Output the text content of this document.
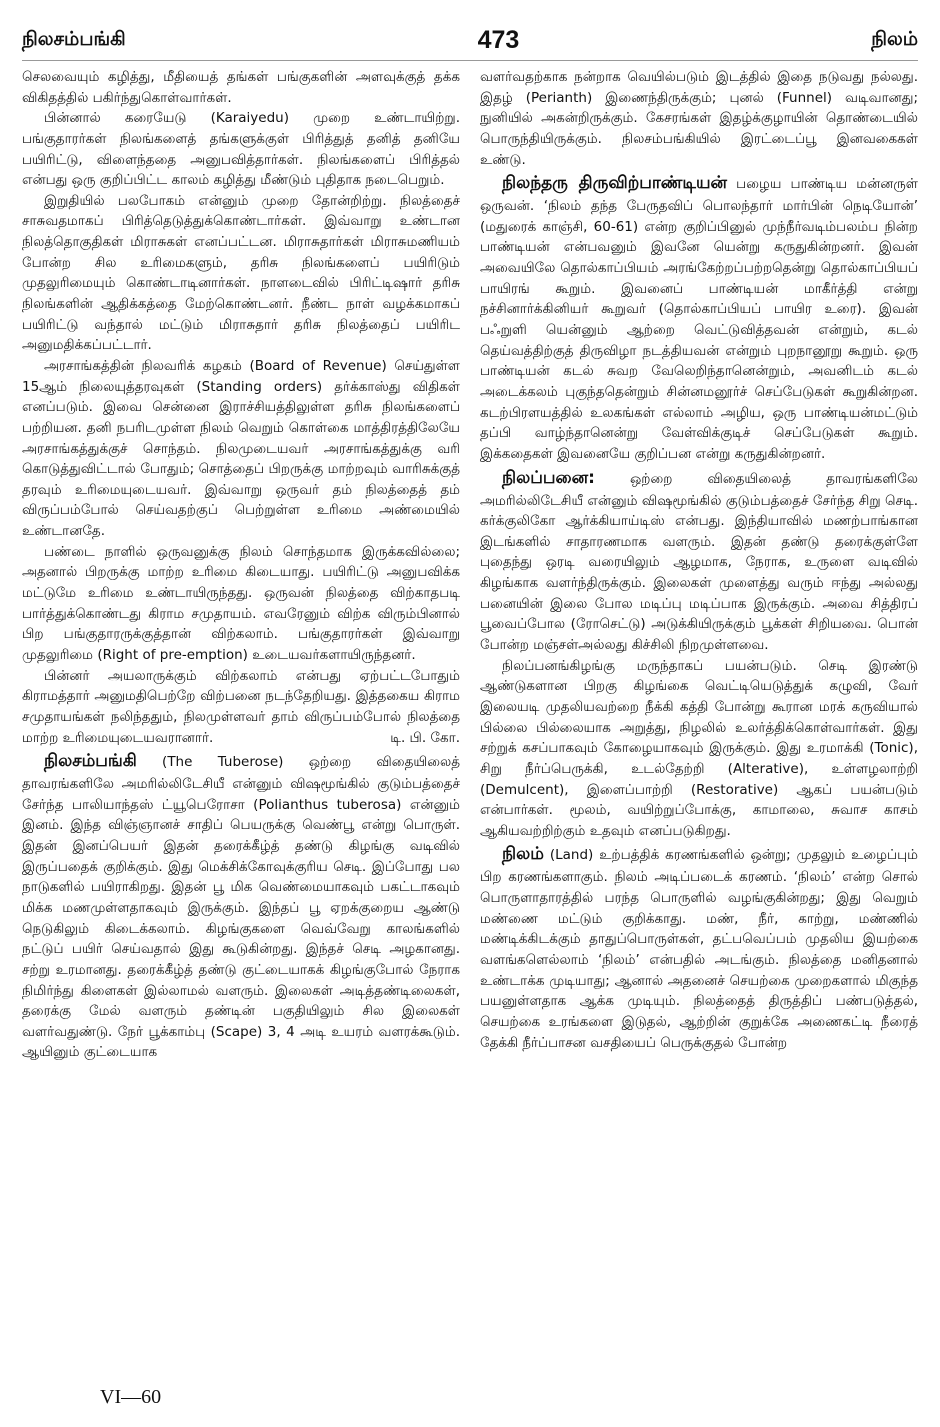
நிலசம்பங்கி	473	நிலம்

செலவையும் கழித்து, மீதியைத் தங்கள் பங்குகளின் அளவுக்குத் தக்க விகிதத்தில் பகிர்ந்துகொள்வார்கள்.

பின்னால் கரையேடு (Karaiyedu) முறை உண்டாயிற்று. பங்குதாரர்கள் நிலங்களைத் தங்களுக்குள் பிரித்துத் தனித் தனியே பயிரிட்டு, விளைந்ததை அனுபவித்தார்கள். நிலங்களைப் பிரித்தல் என்பது ஒரு குறிப்பிட்ட காலம் கழித்து மீண்டும் புதிதாக நடைபெறும்.

இறுதியில் பலபோகம் என்னும் முறை தோன்றிற்று. நிலத்தைச் சாசுவதமாகப் பிரித்தெடுத்துக்கொண்டார்கள். இவ்வாறு உண்டான நிலத்தொகுதிகள் மிராசுகள் எனப்பட்டன. மிராசுதார்கள் மிராசுமணியம் போன்ற சில உரிமைகளும், தரிசு நிலங்களைப் பயிரிடும் முதலுரிமையும் கொண்டாடினார்கள். நாளடைவில் பிரிட்டிஷார் தரிசு நிலங்களின் ஆதிக்கத்தை மேற்கொண்டனர். நீண்ட நாள் வழக்கமாகப் பயிரிட்டு வந்தால் மட்டும் மிராசுதார் தரிசு நிலத்தைப் பயிரிட அனுமதிக்கப்பட்டார்.

அரசாங்கத்தின் நிலவரிக் கழகம் (Board of Revenue) செய்துள்ள 15ஆம் நிலையுத்தரவுகள் (Standing orders) தர்க்காஸ்து விதிகள் எனப்படும். இவை சென்னை இராச்சியத்திலுள்ள தரிசு நிலங்களைப் பற்றியன. தனி நபரிடமுள்ள நிலம் வெறும் கொள்கை மாத்திரத்திலேயே அரசாங்கத்துக்குச் சொந்தம். நிலமுடையவர் அரசாங்கத்துக்கு வரி கொடுத்துவிட்டால் போதும்; சொத்தைப் பிறருக்கு மாற்றவும் வாரிசுக்குத் தரவும் உரிமையுடையவர். இவ்வாறு ஒருவர் தம் நிலத்தைத் தம் விருப்பம்போல் செய்வதற்குப் பெற்றுள்ள உரிமை அண்மையில் உண்டானதே.

பண்டை நாளில் ஒருவனுக்கு நிலம் சொந்தமாக இருக்கவில்லை; அதனால் பிறருக்கு மாற்ற உரிமை கிடையாது. பயிரிட்டு அனுபவிக்க மட்டுமே உரிமை உண்டாயிருந்தது. ஒருவன் நிலத்தை விற்காதபடி பார்த்துக்கொண்டது கிராம சமுதாயம். எவரேனும் விற்க விரும்பினால் பிற பங்குதாரருக்குத்தான் விற்கலாம். பங்குதாரர்கள் இவ்வாறு முதலுரிமை (Right of pre-emption) உடையவர்களாயிருந்தனர்.

பின்னர் அயலாருக்கும் விற்கலாம் என்பது ஏற்பட்டபோதும் கிராமத்தார் அனுமதிபெற்றே விற்பனை நடந்தேறியது. இத்தகைய கிராம சமுதாயங்கள் நலிந்ததும், நிலமுள்ளவர் தாம் விருப்பம்போல் நிலத்தை மாற்ற உரிமையுடையவரானார்.	டி. பி. கோ.

நிலசம்பங்கி (The Tuberose) ஒற்றை விதையிலைத் தாவரங்களிலே அமரில்லிடேசியீ என்னும் விஷமூங்கில் குடும்பத்தைச் சேர்ந்த பாலியாந்தஸ் ட்யூபெரோசா (Polianthus tuberosa) என்னும் இனம். இந்த விஞ்ஞானச் சாதிப் பெயருக்கு வெண்பூ என்று பொருள். இதன் இனப்பெயர் இதன் தரைக்கீழ்த் தண்டு கிழங்கு வடிவில் இருப்பதைக் குறிக்கும். இது மெக்சிக்கோவுக்குரிய செடி. இப்போது பல நாடுகளில் பயிராகிறது. இதன் பூ மிக வெண்மையாகவும் பகட்டாகவும் மிக்க மணமுள்ளதாகவும் இருக்கும். இந்தப் பூ ஏறக்குறைய ஆண்டு நெடுகிலும் கிடைக்கலாம். கிழங்குகளை வெவ்வேறு காலங்களில் நட்டுப் பயிர் செய்வதால் இது கூடுகின்றது. இந்தச் செடி அழகானது. சற்று உரமானது. தரைக்கீழ்த் தண்டு குட்டையாகக் கிழங்குபோல் நேராக நிமிர்ந்து கிளைகள் இல்லாமல் வளரும். இலைகள் அடித்தண்டிலைகள், தரைக்கு மேல் வளரும் தண்டின் பகுதியிலும் சில இலைகள் வளர்வதுண்டு. நேர் பூக்காம்பு (Scape) 3, 4 அடி உயரம் வளரக்கூடும். ஆயினும் குட்டையாக

வளர்வதற்காக நன்றாக வெயில்படும் இடத்தில் இதை நடுவது நல்லது. இதழ் (Perianth) இணைந்திருக்கும்; புனல் (Funnel) வடிவானது; நுனியில் அகன்றிருக்கும். கேசரங்கள் இதழ்க்குழாயின் தொண்டையில் பொருந்தியிருக்கும். நிலசம்பங்கியில் இரட்டைப்பூ இனவகைகள் உண்டு.

நிலந்தரு திருவிற்பாண்டியன் பழைய பாண்டிய மன்னருள் ஒருவன். ‘நிலம் தந்த பேருதவிப் பொலந்தார் மார்பின் நெடியோன்’ (மதுரைக் காஞ்சி, 60-61) என்ற குறிப்பினுல் முந்நீர்வடிம்பலம்ப நின்ற பாண்டியன் என்பவனும் இவனே யென்று கருதுகின்றனர். இவன் அவையிலே தொல்காப்பியம் அரங்கேற்றப்பற்றதென்று தொல்காப்பியப் பாயிரங் கூறும். இவனைப் பாண்டியன் மாகீர்த்தி என்று நச்சினார்க்கினியர் கூறுவர் (தொல்காப்பியப் பாயிர உரை). இவன் பஃறுளி யென்னும் ஆற்றை வெட்டுவித்தவன் என்றும், கடல் தெய்வத்திற்குத் திருவிழா நடத்தியவன் என்றும் புறநானூறு கூறும். ஒரு பாண்டியன் கடல் சுவற வேலெறிந்தானென்றும், அவனிடம் கடல் அடைக்கலம் புகுந்ததென்றும் சின்னமனூர்ச் செப்பேடுகள் கூறுகின்றன. கடற்பிரளயத்தில் உலகங்கள் எல்லாம் அழிய, ஒரு பாண்டியன்மட்டும் தப்பி வாழ்ந்தானென்று வேள்விக்குடிச் செப்பேடுகள் கூறும். இக்கதைகள் இவனையே குறிப்பன என்று கருதுகின்றனர்.

நிலப்பனை:	ஒற்றை விதையிலைத் தாவரங்களிலே அமரில்லிடேசியீ என்னும் விஷமூங்கில் குடும்பத்தைச் சேர்ந்த சிறு செடி. கர்க்குலிகோ ஆர்க்கியாய்டிஸ் என்பது. இந்தியாவில் மணற்பாங்கான இடங்களில் சாதாரணமாக வளரும். இதன் தண்டு தரைக்குள்ளே புதைந்து ஒரடி வரையிலும் ஆழமாக, நேராக, உருளை வடிவில் கிழங்காக வளர்ந்திருக்கும். இலைகள் முளைத்து வரும் ஈந்து அல்லது பனையின் இலை போல மடிப்பு மடிப்பாக இருக்கும். அவை சித்திரப் பூவைப்போல (ரோசெட்டு) அடுக்கியிருக்கும் பூக்கள் சிறியவை. பொன் போன்ற மஞ்சள்அல்லது கிச்சிலி நிறமுள்ளவை.

நிலப்பனங்கிழங்கு மருந்தாகப் பயன்படும். செடி இரண்டு ஆண்டுகளான பிறகு கிழங்கை வெட்டியெடுத்துக் கழுவி, வேர் இலையடி முதலியவற்றை நீக்கி கத்தி போன்று கூரான மரக் கருவியால் பில்லை பில்லையாக அறுத்து, நிழலில் உலர்த்திக்கொள்வார்கள். இது சற்றுக் கசப்பாகவும் கோழையாகவும் இருக்கும். இது உரமாக்கி (Tonic), சிறு நீர்ப்பெருக்கி, உடல்தேற்றி (Alterative), உள்ளழலாற்றி (Demulcent), இளைப்பாற்றி (Restorative) ஆகப் பயன்படும் என்பார்கள். மூலம், வயிற்றுப்போக்கு, காமாலை, சுவாச காசம் ஆகியவற்றிற்கும் உதவும் எனப்படுகிறது.

நிலம் (Land) உற்பத்திக் கரணங்களில் ஒன்று; முதலும் உழைப்பும் பிற கரணங்களாகும். நிலம் அடிப்படைக் கரணம். ‘நிலம்’ என்ற சொல் பொருளாதாரத்தில் பரந்த பொருளில் வழங்குகின்றது; இது வெறும் மண்ணை மட்டும் குறிக்காது. மண், நீர், காற்று, மண்ணில் மண்டிக்கிடக்கும் தாதுப்பொருள்கள், தட்பவெப்பம் முதலிய இயற்கை வளங்களெல்லாம் ‘நிலம்’ என்பதில் அடங்கும். நிலத்தை மனிதனால் உண்டாக்க முடியாது; ஆனால் அதனைச் செயற்கை முறைகளால் மிகுந்த பயனுள்ளதாக ஆக்க முடியும். நிலத்தைத் திருத்திப் பண்படுத்தல், செயற்கை உரங்களை இடுதல், ஆற்றின் குறுக்கே அணைகட்டி நீரைத் தேக்கி நீர்ப்பாசன வசதியைப் பெருக்குதல் போன்ற

VI—60
